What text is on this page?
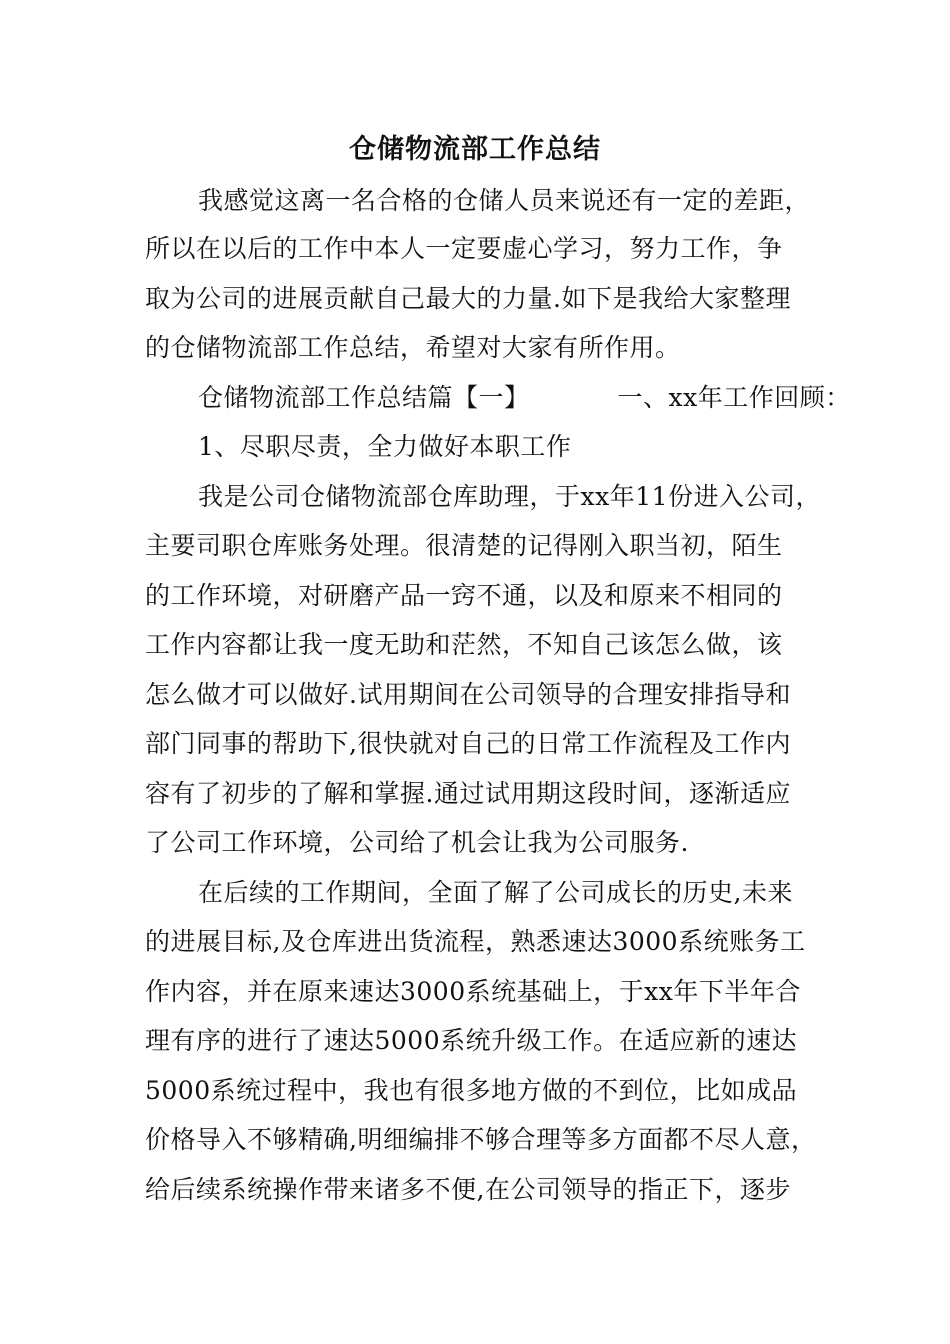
仓储物流部工作总结
我感觉这离一名合格的仓储人员来说还有一定的差距，
所以在以后的工作中本人一定要虚心学习，努力工作，争
取为公司的进展贡献自己最大的力量.如下是我给大家整理
的仓储物流部工作总结，希望对大家有所作用。
仓储物流部工作总结篇【一】	一、xx年工作回顾：
1、尽职尽责，全力做好本职工作
我是公司仓储物流部仓库助理，于xx年11份进入公司，
主要司职仓库账务处理。很清楚的记得刚入职当初，陌生
的工作环境，对研磨产品一窍不通，以及和原来不相同的
工作内容都让我一度无助和茫然，不知自己该怎么做，该
怎么做才可以做好.试用期间在公司领导的合理安排指导和
部门同事的帮助下,很快就对自己的日常工作流程及工作内
容有了初步的了解和掌握.通过试用期这段时间，逐渐适应
了公司工作环境，公司给了机会让我为公司服务.
在后续的工作期间，全面了解了公司成长的历史,未来
的进展目标,及仓库进出货流程，熟悉速达3000系统账务工
作内容，并在原来速达3000系统基础上，于xx年下半年合
理有序的进行了速达5000系统升级工作。在适应新的速达
5000系统过程中，我也有很多地方做的不到位，比如成品
价格导入不够精确,明细编排不够合理等多方面都不尽人意，
给后续系统操作带来诸多不便,在公司领导的指正下，逐步
